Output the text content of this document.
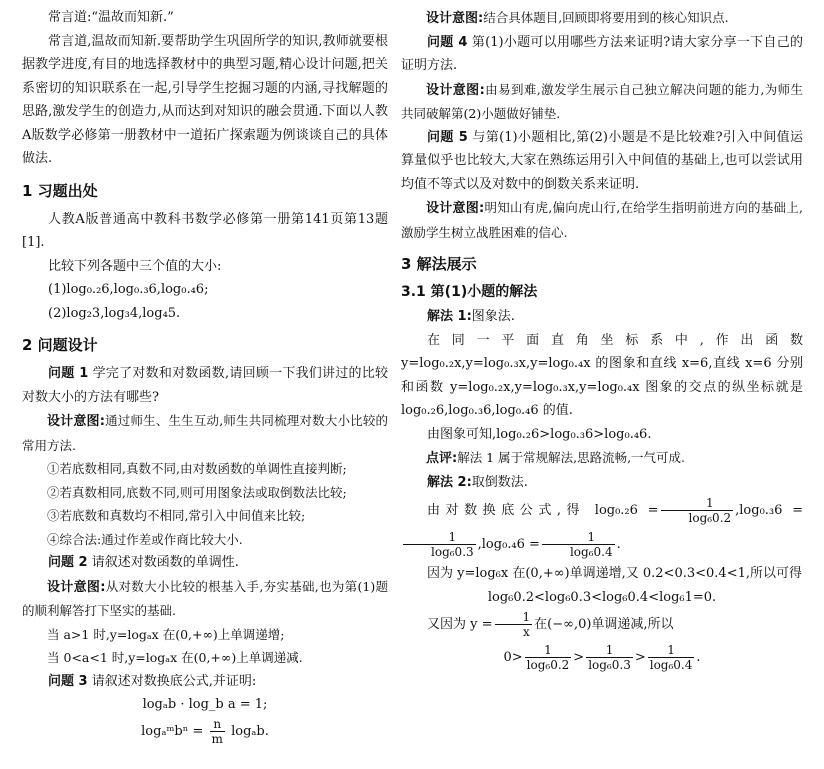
常言道:“温故而知新.”

常言道,温故而知新.要帮助学生巩固所学的知识,教师就要根据教学进度,有目的地选择教材中的典型习题,精心设计问题,把关系密切的知识联系在一起,引导学生挖掘习题的内涵,寻找解题的思路,激发学生的创造力,从而达到对知识的融会贯通.下面以人教A版数学必修第一册教材中一道拓广探索题为例谈谈自己的具体做法.

1 习题出处

人教A版普通高中教科书数学必修第一册第141页第13题[1].

比较下列各题中三个值的大小:

(1)log₀.₂6,log₀.₃6,log₀.₄6;
(2)log₂3,log₃4,log₄5.
2 问题设计

问题 1 学完了对数和对数函数,请回顾一下我们讲过的比较对数大小的方法有哪些?

设计意图:通过师生、生生互动,师生共同梳理对数大小比较的常用方法.

①若底数相同,真数不同,由对数函数的单调性直接判断;

②若真数相同,底数不同,则可用图象法或取倒数法比较;

③若底数和真数均不相同,常引入中间值来比较;

④综合法:通过作差或作商比较大小.

问题 2 请叙述对数函数的单调性.

设计意图:从对数大小比较的根基入手,夯实基础,也为第(1)题的顺利解答打下坚实的基础.

当 a>1 时,y=logₐx 在(0,+∞)上单调递增;

当 0<a<1 时,y=logₐx 在(0,+∞)上单调递减.

问题 3 请叙述对数换底公式,并证明:

logₐb · log_b a = 1;
logₐᵐbⁿ = $\frac{n}{m} \log_ab$.

设计意图:结合具体题目,回顾即将要用到的核心知识点.

问题 4 第(1)小题可以用哪些方法来证明?请大家分享一下自己的证明方法.

设计意图:由易到难,激发学生展示自己独立解决问题的能力,为师生共同破解第(2)小题做好铺垫.

问题 5 与第(1)小题相比,第(2)小题是不是比较难?引入中间值运算量似乎也比较大,大家在熟练运用引入中间值的基础上,也可以尝试用均值不等式以及对数中的倒数关系来证明.

设计意图:明知山有虎,偏向虎山行,在给学生指明前进方向的基础上,激励学生树立战胜困难的信心.

3 解法展示
3.1 第(1)小题的解法

解法 1:图象法.

在同一平面直角坐标系中,作出函数 y=log₀.₂x,y=log₀.₃x,y=log₀.₄x 的图象和直线 x=6,直线 x=6 分别和函数 y=log₀.₂x,y=log₀.₃x,y=log₀.₄x 图象的交点的纵坐标就是 log₀.₂6,log₀.₃6,log₀.₄6 的值.

由图象可知,log₀.₂6>log₀.₃6>log₀.₄6.

点评:解法 1 属于常规解法,思路流畅,一气可成.

解法 2:取倒数法.

由对数换底公式,得 $\log_0._26 = \frac{1}{\text{log₆0.2}} ,\log_0._36$ =
$\frac{1}{\text{log₆0.3}} ,\log_0._46 = \frac{1}{\text{log₆0.4}}$ .

因为 y=log₆x 在(0,+∞)单调递增,又 0.2<0.3<0.4<1,所以可得

log₆0.2<log₆0.3<log₆0.4<log₆1=0.

又因为 $y = \frac{1}{x}$ 在(−∞,0)单调递减,所以

$0> \frac{1}{\text{log₆0.2}} > \frac{1}{\text{log₆0.3}} > \frac{1}{\text{log₆0.4}}$ .
